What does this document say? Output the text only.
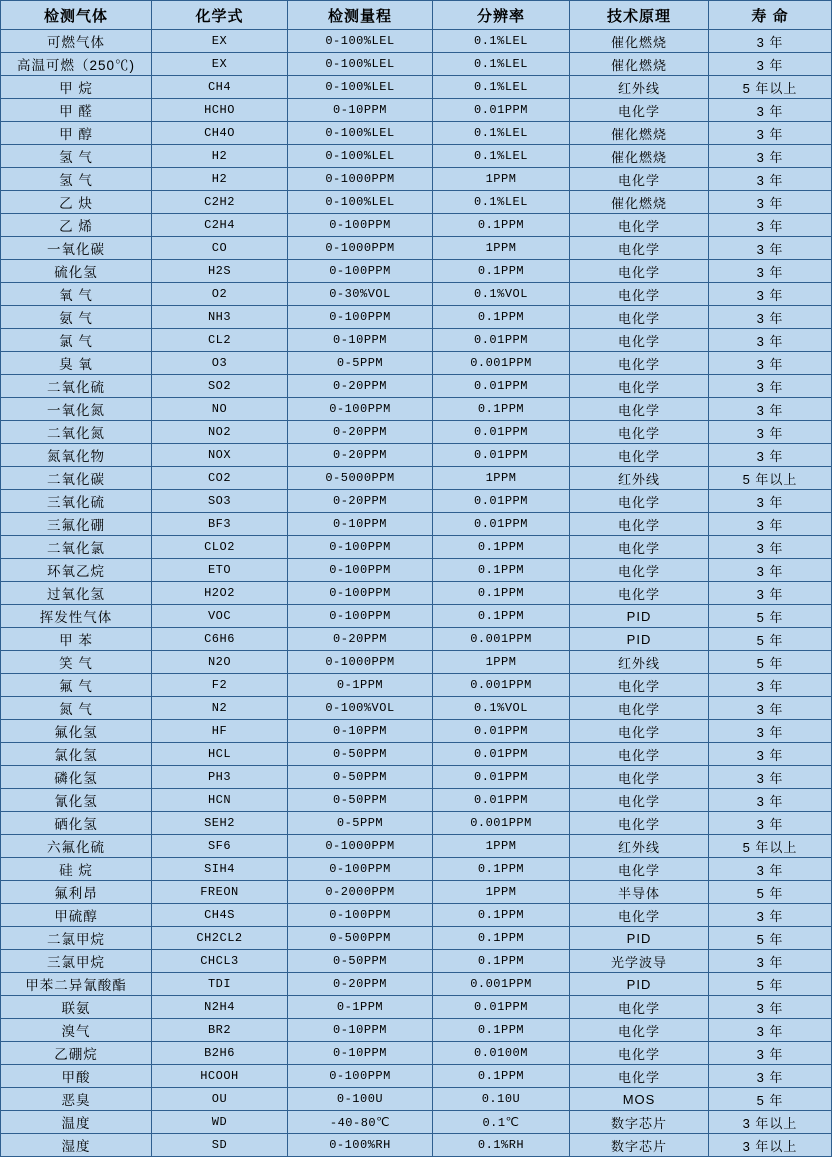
检测气体	化学式	检测量程	分辨率	技术原理	寿 命
可燃气体	EX	0-100%LEL	0.1%LEL	催化燃烧	3 年
高温可燃（250℃)	EX	0-100%LEL	0.1%LEL	催化燃烧	3 年
甲 烷	CH4	0-100%LEL	0.1%LEL	红外线	5 年以上
甲 醛	HCHO	0-10PPM	0.01PPM	电化学	3 年
甲 醇	CH4O	0-100%LEL	0.1%LEL	催化燃烧	3 年
氢 气	H2	0-100%LEL	0.1%LEL	催化燃烧	3 年
氢 气	H2	0-1000PPM	1PPM	电化学	3 年
乙 炔	C2H2	0-100%LEL	0.1%LEL	催化燃烧	3 年
乙 烯	C2H4	0-100PPM	0.1PPM	电化学	3 年
一氧化碳	CO	0-1000PPM	1PPM	电化学	3 年
硫化氢	H2S	0-100PPM	0.1PPM	电化学	3 年
氧 气	O2	0-30%VOL	0.1%VOL	电化学	3 年
氨 气	NH3	0-100PPM	0.1PPM	电化学	3 年
氯 气	CL2	0-10PPM	0.01PPM	电化学	3 年
臭 氧	O3	0-5PPM	0.001PPM	电化学	3 年
二氧化硫	SO2	0-20PPM	0.01PPM	电化学	3 年
一氧化氮	NO	0-100PPM	0.1PPM	电化学	3 年
二氧化氮	NO2	0-20PPM	0.01PPM	电化学	3 年
氮氧化物	NOX	0-20PPM	0.01PPM	电化学	3 年
二氧化碳	CO2	0-5000PPM	1PPM	红外线	5 年以上
三氧化硫	SO3	0-20PPM	0.01PPM	电化学	3 年
三氟化硼	BF3	0-10PPM	0.01PPM	电化学	3 年
二氧化氯	CLO2	0-100PPM	0.1PPM	电化学	3 年
环氧乙烷	ETO	0-100PPM	0.1PPM	电化学	3 年
过氧化氢	H2O2	0-100PPM	0.1PPM	电化学	3 年
挥发性气体	VOC	0-100PPM	0.1PPM	PID	5 年
甲 苯	C6H6	0-20PPM	0.001PPM	PID	5 年
笑 气	N2O	0-1000PPM	1PPM	红外线	5 年
氟 气	F2	0-1PPM	0.001PPM	电化学	3 年
氮 气	N2	0-100%VOL	0.1%VOL	电化学	3 年
氟化氢	HF	0-10PPM	0.01PPM	电化学	3 年
氯化氢	HCL	0-50PPM	0.01PPM	电化学	3 年
磷化氢	PH3	0-50PPM	0.01PPM	电化学	3 年
氰化氢	HCN	0-50PPM	0.01PPM	电化学	3 年
硒化氢	SEH2	0-5PPM	0.001PPM	电化学	3 年
六氟化硫	SF6	0-1000PPM	1PPM	红外线	5 年以上
硅 烷	SIH4	0-100PPM	0.1PPM	电化学	3 年
氟利昂	FREON	0-2000PPM	1PPM	半导体	5 年
甲硫醇	CH4S	0-100PPM	0.1PPM	电化学	3 年
二氯甲烷	CH2CL2	0-500PPM	0.1PPM	PID	5 年
三氯甲烷	CHCL3	0-50PPM	0.1PPM	光学波导	3 年
甲苯二异氰酸酯	TDI	0-20PPM	0.001PPM	PID	5 年
联氨	N2H4	0-1PPM	0.01PPM	电化学	3 年
溴气	BR2	0-10PPM	0.1PPM	电化学	3 年
乙硼烷	B2H6	0-10PPM	0.0100M	电化学	3 年
甲酸	HCOOH	0-100PPM	0.1PPM	电化学	3 年
恶臭	OU	0-100U	0.10U	MOS	5 年
温度	WD	-40-80℃	0.1℃	数字芯片	3 年以上
湿度	SD	0-100%RH	0.1%RH	数字芯片	3 年以上
